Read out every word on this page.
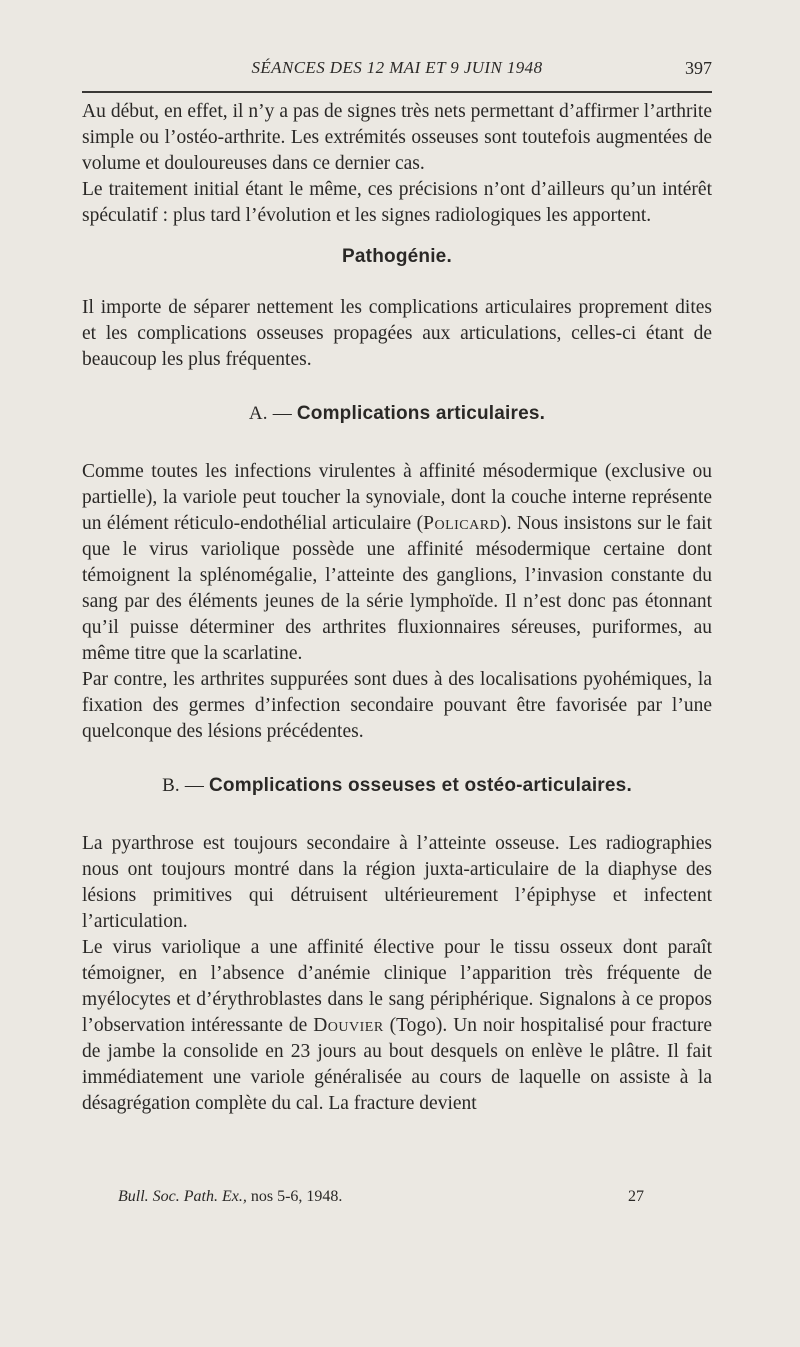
SÉANCES DES 12 MAI ET 9 JUIN 1948	397

Au début, en effet, il n’y a pas de signes très nets permettant d’affirmer l’arthrite simple ou l’ostéo-arthrite. Les extrémités osseuses sont toutefois augmentées de volume et douloureuses dans ce dernier cas.

Le traitement initial étant le même, ces précisions n’ont d’ailleurs qu’un intérêt spéculatif : plus tard l’évolution et les signes radiologiques les apportent.

Pathogénie.

Il importe de séparer nettement les complications articulaires proprement dites et les complications osseuses propagées aux articulations, celles-ci étant de beaucoup les plus fréquentes.

A. — Complications articulaires.

Comme toutes les infections virulentes à affinité mésodermique (exclusive ou partielle), la variole peut toucher la synoviale, dont la couche interne représente un élément réticulo-endothélial articulaire (Policard). Nous insistons sur le fait que le virus variolique possède une affinité mésodermique certaine dont témoignent la splénomégalie, l’atteinte des ganglions, l’invasion constante du sang par des éléments jeunes de la série lymphoïde. Il n’est donc pas étonnant qu’il puisse déterminer des arthrites fluxionnaires séreuses, puriformes, au même titre que la scarlatine.

Par contre, les arthrites suppurées sont dues à des localisations pyohémiques, la fixation des germes d’infection secondaire pouvant être favorisée par l’une quelconque des lésions précédentes.

B. — Complications osseuses et ostéo-articulaires.

La pyarthrose est toujours secondaire à l’atteinte osseuse. Les radiographies nous ont toujours montré dans la région juxta-articulaire de la diaphyse des lésions primitives qui détruisent ultérieurement l’épiphyse et infectent l’articulation.

Le virus variolique a une affinité élective pour le tissu osseux dont paraît témoigner, en l’absence d’anémie clinique l’apparition très fréquente de myélocytes et d’érythroblastes dans le sang périphérique. Signalons à ce propos l’observation intéressante de Douvier (Togo). Un noir hospitalisé pour fracture de jambe la consolide en 23 jours au bout desquels on enlève le plâtre. Il fait immédiatement une variole généralisée au cours de laquelle on assiste à la désagrégation complète du cal. La fracture devient

Bull. Soc. Path. Ex., nos 5-6, 1948.	27
